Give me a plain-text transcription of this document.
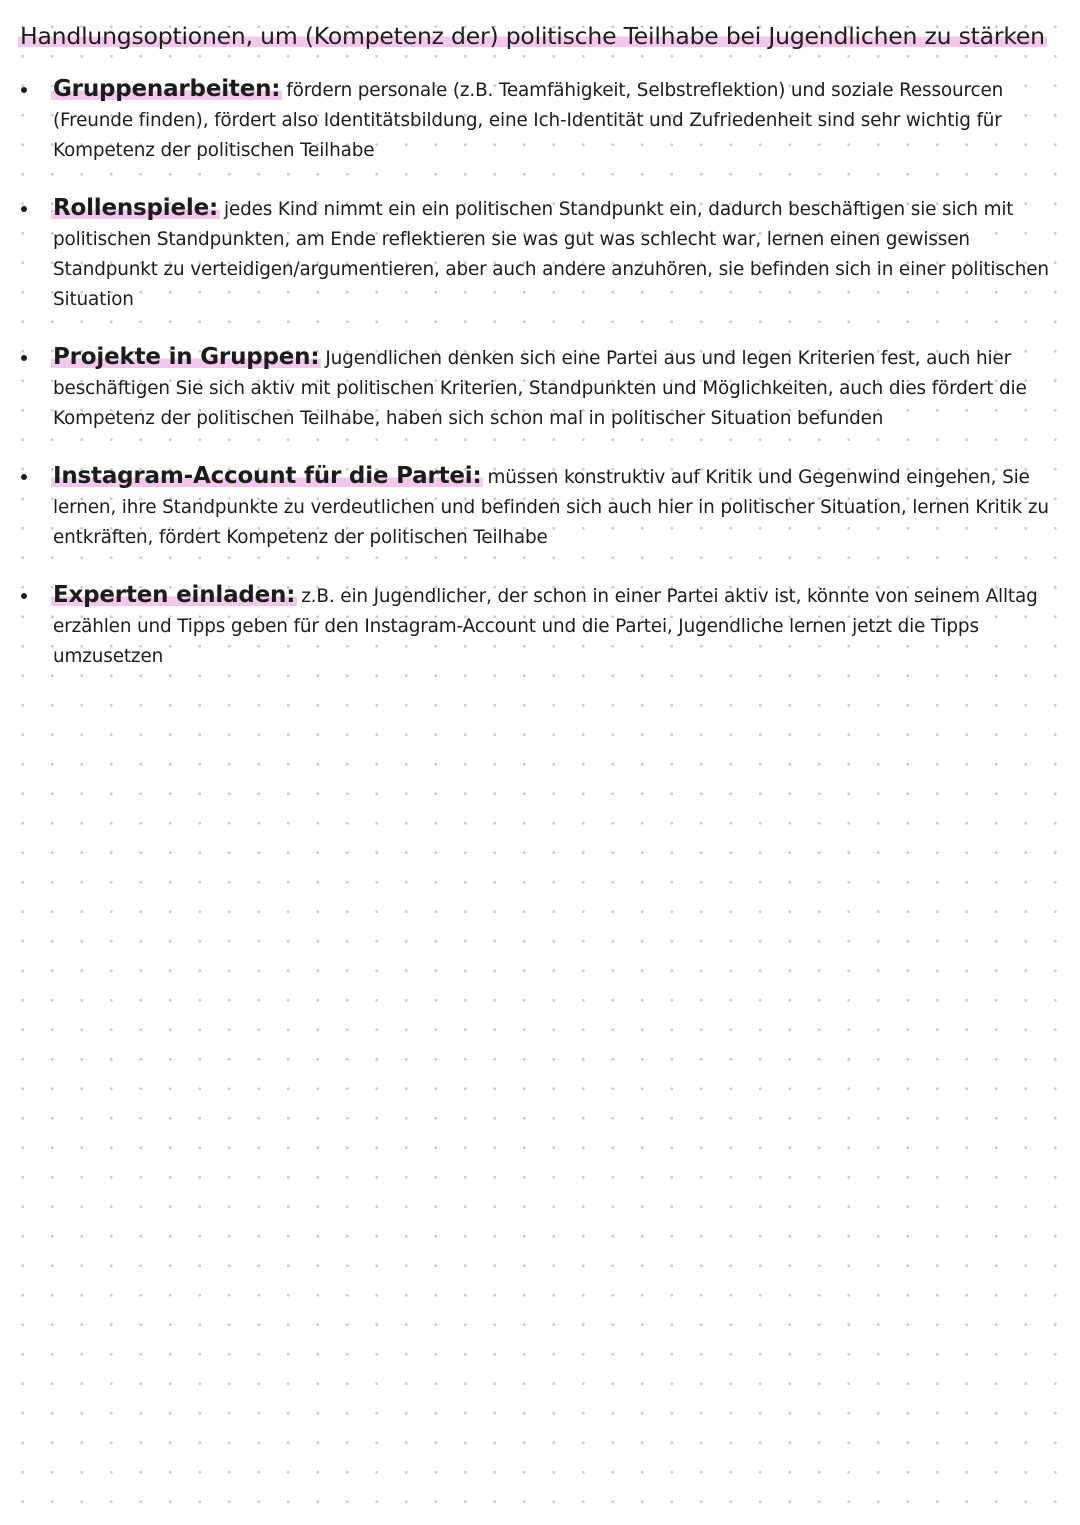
Handlungsoptionen, um (Kompetenz der) politische Teilhabe bei Jugendlichen zu stärken
Gruppenarbeiten: fördern personale (z.B. Teamfähigkeit, Selbstreflektion) und soziale Ressourcen (Freunde finden), fördert also Identitätsbildung, eine Ich-Identität und Zufriedenheit sind sehr wichtig für Kompetenz der politischen Teilhabe
Rollenspiele: jedes Kind nimmt ein ein politischen Standpunkt ein, dadurch beschäftigen sie sich mit politischen Standpunkten, am Ende reflektieren sie was gut was schlecht war, lernen einen gewissen Standpunkt zu verteidigen/argumentieren, aber auch andere anzuhören, sie befinden sich in einer politischen Situation
Projekte in Gruppen: Jugendlichen denken sich eine Partei aus und legen Kriterien fest, auch hier beschäftigen Sie sich aktiv mit politischen Kriterien, Standpunkten und Möglichkeiten, auch dies fördert die Kompetenz der politischen Teilhabe, haben sich schon mal in politischer Situation befunden
Instagram-Account für die Partei: müssen konstruktiv auf Kritik und Gegenwind eingehen, Sie lernen, ihre Standpunkte zu verdeutlichen und befinden sich auch hier in politischer Situation, lernen Kritik zu entkräften, fördert Kompetenz der politischen Teilhabe
Experten einladen: z.B. ein Jugendlicher, der schon in einer Partei aktiv ist, könnte von seinem Alltag erzählen und Tipps geben für den Instagram-Account und die Partei, Jugendliche lernen jetzt die Tipps umzusetzen
